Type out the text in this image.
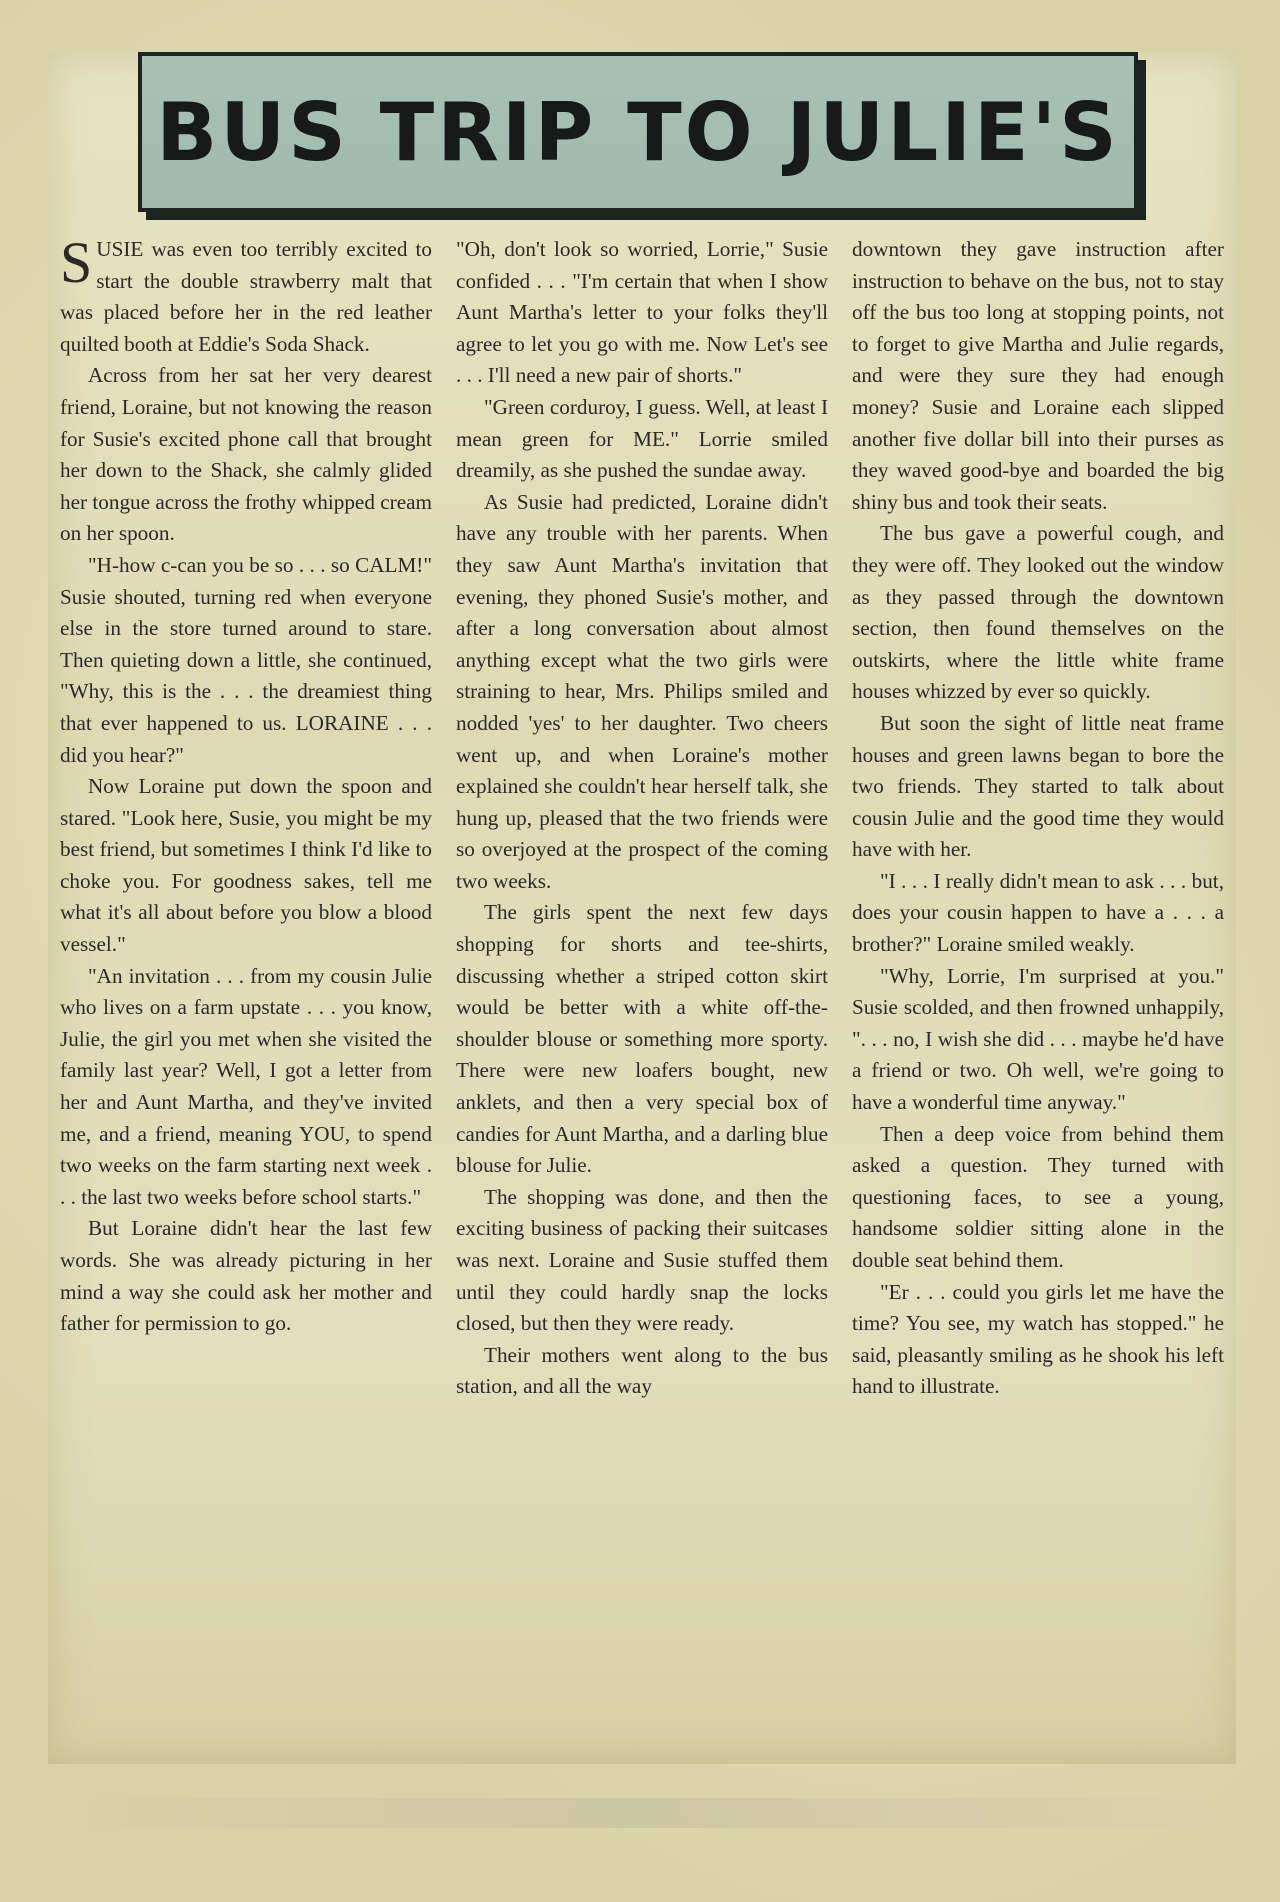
BUS TRIP TO JULIE'S

SUSIE was even too terribly excited to start the double strawberry malt that was placed before her in the red leather quilted booth at Eddie's Soda Shack.

Across from her sat her very dearest friend, Loraine, but not knowing the reason for Susie's excited phone call that brought her down to the Shack, she calmly glided her tongue across the frothy whipped cream on her spoon.

"H-how c-can you be so . . . so CALM!" Susie shouted, turning red when everyone else in the store turned around to stare. Then quieting down a little, she continued, "Why, this is the . . . the dreamiest thing that ever happened to us. LORAINE . . . did you hear?"

Now Loraine put down the spoon and stared. "Look here, Susie, you might be my best friend, but sometimes I think I'd like to choke you. For goodness sakes, tell me what it's all about before you blow a blood vessel."

"An invitation . . . from my cousin Julie who lives on a farm upstate . . . you know, Julie, the girl you met when she visited the family last year? Well, I got a letter from her and Aunt Martha, and they've invited me, and a friend, meaning YOU, to spend two weeks on the farm starting next week . . . the last two weeks before school starts."

But Loraine didn't hear the last few words. She was already picturing in her mind a way she could ask her mother and father for permission to go.

"Oh, don't look so worried, Lorrie," Susie confided . . . "I'm certain that when I show Aunt Martha's letter to your folks they'll agree to let you go with me. Now Let's see . . . I'll need a new pair of shorts."

"Green corduroy, I guess. Well, at least I mean green for ME." Lorrie smiled dreamily, as she pushed the sundae away.

As Susie had predicted, Loraine didn't have any trouble with her parents. When they saw Aunt Martha's invitation that evening, they phoned Susie's mother, and after a long conversation about almost anything except what the two girls were straining to hear, Mrs. Philips smiled and nodded 'yes' to her daughter. Two cheers went up, and when Loraine's mother explained she couldn't hear herself talk, she hung up, pleased that the two friends were so overjoyed at the prospect of the coming two weeks.

The girls spent the next few days shopping for shorts and tee-shirts, discussing whether a striped cotton skirt would be better with a white off-the-shoulder blouse or something more sporty. There were new loafers bought, new anklets, and then a very special box of candies for Aunt Martha, and a darling blue blouse for Julie.

The shopping was done, and then the exciting business of packing their suitcases was next. Loraine and Susie stuffed them until they could hardly snap the locks closed, but then they were ready.

Their mothers went along to the bus station, and all the way

downtown they gave instruction after instruction to behave on the bus, not to stay off the bus too long at stopping points, not to forget to give Martha and Julie regards, and were they sure they had enough money? Susie and Loraine each slipped another five dollar bill into their purses as they waved good-bye and boarded the big shiny bus and took their seats.

The bus gave a powerful cough, and they were off. They looked out the window as they passed through the downtown section, then found themselves on the outskirts, where the little white frame houses whizzed by ever so quickly.

But soon the sight of little neat frame houses and green lawns began to bore the two friends. They started to talk about cousin Julie and the good time they would have with her.

"I . . . I really didn't mean to ask . . . but, does your cousin happen to have a . . . a brother?" Loraine smiled weakly.

"Why, Lorrie, I'm surprised at you." Susie scolded, and then frowned unhappily, ". . . no, I wish she did . . . maybe he'd have a friend or two. Oh well, we're going to have a wonderful time anyway."

Then a deep voice from behind them asked a question. They turned with questioning faces, to see a young, handsome soldier sitting alone in the double seat behind them.

"Er . . . could you girls let me have the time? You see, my watch has stopped." he said, pleasantly smiling as he shook his left hand to illustrate.
